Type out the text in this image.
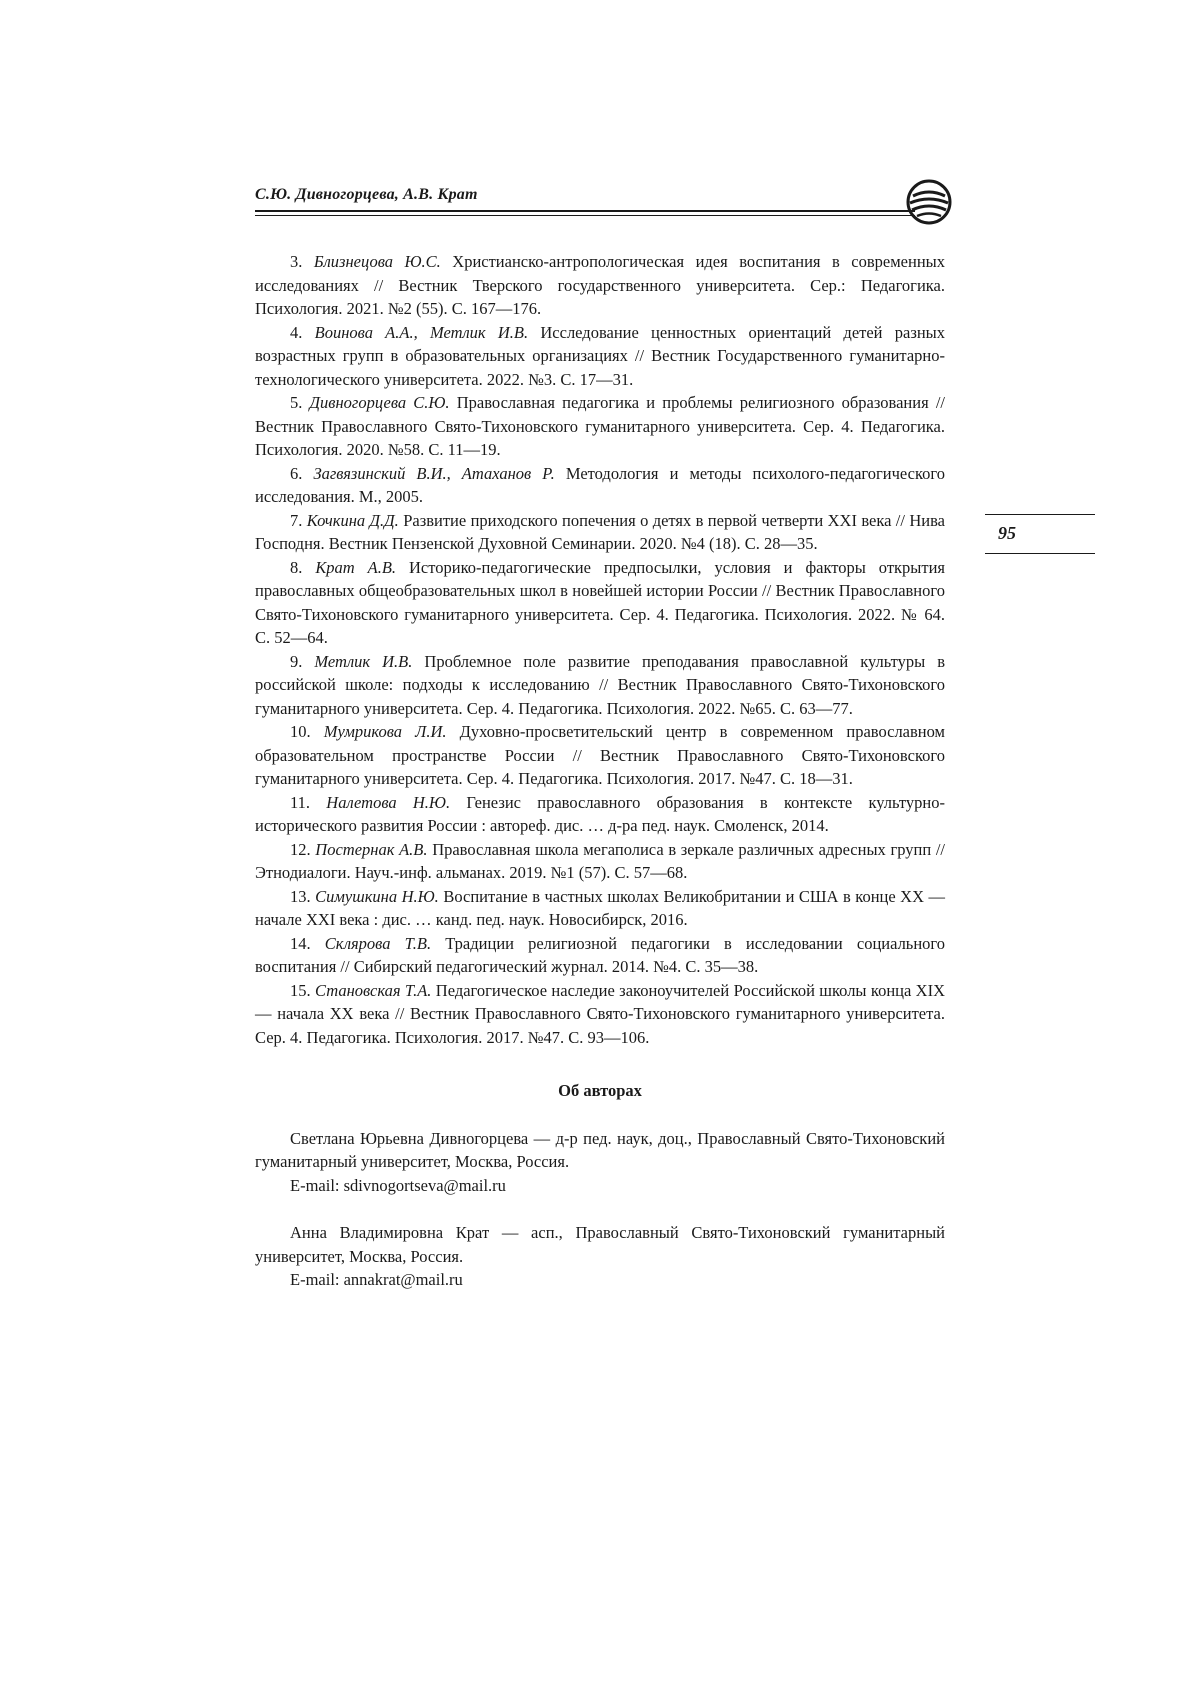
С.Ю. Дивногорцева, А.В. Крат
95

3. Близнецова Ю.С. Христианско-антропологическая идея воспитания в современных исследованиях // Вестник Тверского государственного университета. Сер.: Педагогика. Психология. 2021. №2 (55). С. 167—176.

4. Воинова А.А., Метлик И.В. Исследование ценностных ориентаций детей разных возрастных групп в образовательных организациях // Вестник Государственного гуманитарно-технологического университета. 2022. №3. С. 17—31.

5. Дивногорцева С.Ю. Православная педагогика и проблемы религиозного образования // Вестник Православного Свято-Тихоновского гуманитарного университета. Сер. 4. Педагогика. Психология. 2020. №58. С. 11—19.

6. Загвязинский В.И., Атаханов Р. Методология и методы психолого-педагогического исследования. М., 2005.

7. Кочкина Д.Д. Развитие приходского попечения о детях в первой четверти XXI века // Нива Господня. Вестник Пензенской Духовной Семинарии. 2020. №4 (18). С. 28—35.

8. Крат А.В. Историко-педагогические предпосылки, условия и факторы открытия православных общеобразовательных школ в новейшей истории России // Вестник Православного Свято-Тихоновского гуманитарного университета. Сер. 4. Педагогика. Психология. 2022. № 64. С. 52—64.

9. Метлик И.В. Проблемное поле развитие преподавания православной культуры в российской школе: подходы к исследованию // Вестник Православного Свято-Тихоновского гуманитарного университета. Сер. 4. Педагогика. Психология. 2022. №65. С. 63—77.

10. Мумрикова Л.И. Духовно-просветительский центр в современном православном образовательном пространстве России // Вестник Православного Свято-Тихоновского гуманитарного университета. Сер. 4. Педагогика. Психология. 2017. №47. С. 18—31.

11. Налетова Н.Ю. Генезис православного образования в контексте культурно-исторического развития России : автореф. дис. … д-ра пед. наук. Смоленск, 2014.

12. Постернак А.В. Православная школа мегаполиса в зеркале различных адресных групп // Этнодиалоги. Науч.-инф. альманах. 2019. №1 (57). С. 57—68.

13. Симушкина Н.Ю. Воспитание в частных школах Великобритании и США в конце XX — начале XXI века : дис. … канд. пед. наук. Новосибирск, 2016.

14. Склярова Т.В. Традиции религиозной педагогики в исследовании социального воспитания // Сибирский педагогический журнал. 2014. №4. С. 35—38.

15. Становская Т.А. Педагогическое наследие законоучителей Российской школы конца XIX — начала XX века // Вестник Православного Свято-Тихоновского гуманитарного университета. Сер. 4. Педагогика. Психология. 2017. №47. С. 93—106.

Об авторах

Светлана Юрьевна Дивногорцева — д-р пед. наук, доц., Православный Свято-Тихоновский гуманитарный университет, Москва, Россия.

E-mail: sdivnogortseva@mail.ru

Анна Владимировна Крат — асп., Православный Свято-Тихоновский гуманитарный университет, Москва, Россия.

E-mail: annakrat@mail.ru
